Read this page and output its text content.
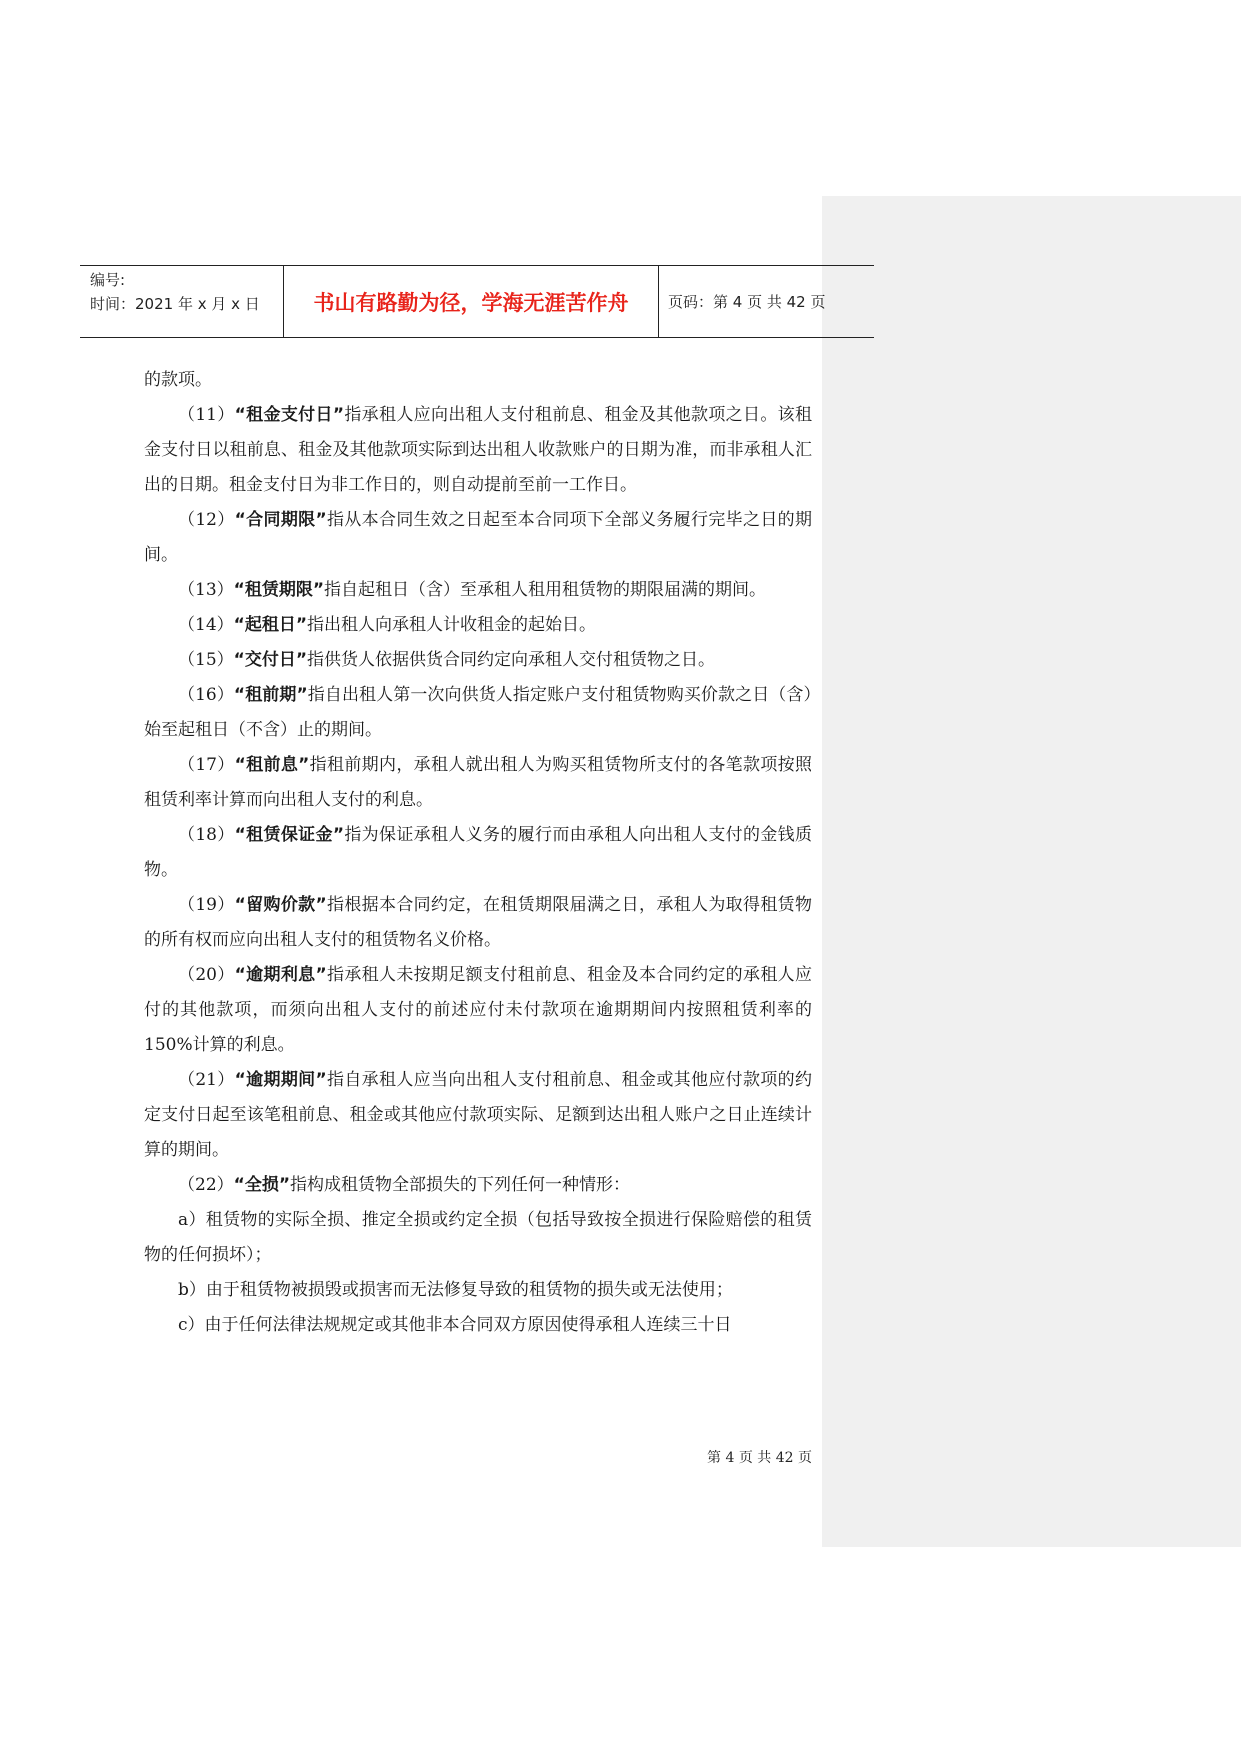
编号:
时间：2021 年 x 月 x 日	书山有路勤为径，学海无涯苦作舟	页码：第 4 页 共 42 页

的款项。

（11）“租金支付日”指承租人应向出租人支付租前息、租金及其他款项之日。该租金支付日以租前息、租金及其他款项实际到达出租人收款账户的日期为准，而非承租人汇出的日期。租金支付日为非工作日的，则自动提前至前一工作日。

（12）“合同期限”指从本合同生效之日起至本合同项下全部义务履行完毕之日的期间。

（13）“租赁期限”指自起租日（含）至承租人租用租赁物的期限届满的期间。

（14）“起租日”指出租人向承租人计收租金的起始日。

（15）“交付日”指供货人依据供货合同约定向承租人交付租赁物之日。

（16）“租前期”指自出租人第一次向供货人指定账户支付租赁物购买价款之日（含）始至起租日（不含）止的期间。

（17）“租前息”指租前期内，承租人就出租人为购买租赁物所支付的各笔款项按照租赁利率计算而向出租人支付的利息。

（18）“租赁保证金”指为保证承租人义务的履行而由承租人向出租人支付的金钱质物。

（19）“留购价款”指根据本合同约定，在租赁期限届满之日，承租人为取得租赁物的所有权而应向出租人支付的租赁物名义价格。

（20）“逾期利息”指承租人未按期足额支付租前息、租金及本合同约定的承租人应付的其他款项，而须向出租人支付的前述应付未付款项在逾期期间内按照租赁利率的150%计算的利息。

（21）“逾期期间”指自承租人应当向出租人支付租前息、租金或其他应付款项的约定支付日起至该笔租前息、租金或其他应付款项实际、足额到达出租人账户之日止连续计算的期间。

（22）“全损”指构成租赁物全部损失的下列任何一种情形：

a）租赁物的实际全损、推定全损或约定全损（包括导致按全损进行保险赔偿的租赁物的任何损坏）；

b）由于租赁物被损毁或损害而无法修复导致的租赁物的损失或无法使用；

c）由于任何法律法规规定或其他非本合同双方原因使得承租人连续三十日

第 4 页 共 42 页
